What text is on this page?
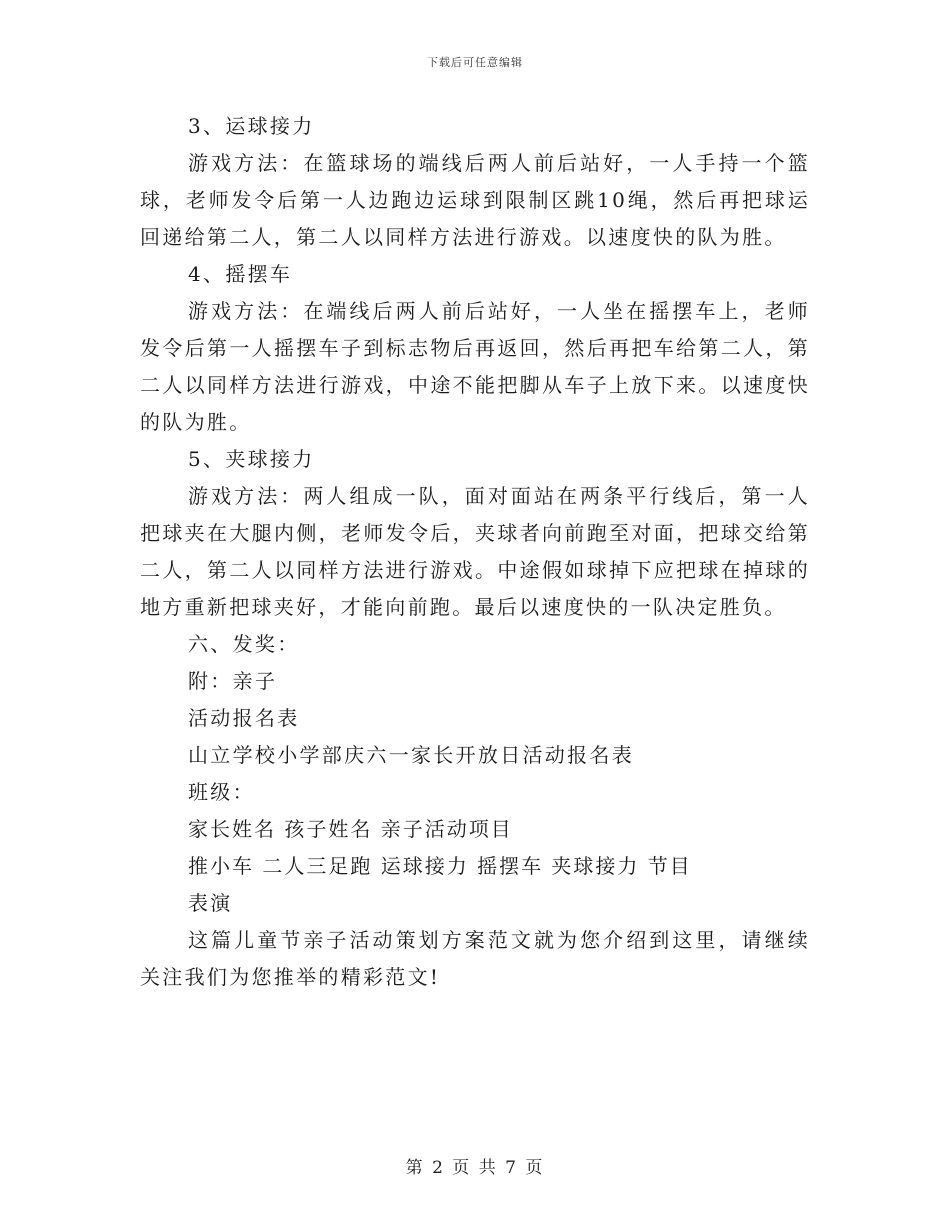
下载后可任意编辑

3、运球接力

游戏方法：在篮球场的端线后两人前后站好，一人手持一个篮球，老师发令后第一人边跑边运球到限制区跳10绳，然后再把球运回递给第二人，第二人以同样方法进行游戏。以速度快的队为胜。

4、摇摆车

游戏方法：在端线后两人前后站好，一人坐在摇摆车上，老师发令后第一人摇摆车子到标志物后再返回，然后再把车给第二人，第二人以同样方法进行游戏，中途不能把脚从车子上放下来。以速度快的队为胜。

5、夹球接力

游戏方法：两人组成一队，面对面站在两条平行线后，第一人把球夹在大腿内侧，老师发令后，夹球者向前跑至对面，把球交给第二人，第二人以同样方法进行游戏。中途假如球掉下应把球在掉球的地方重新把球夹好，才能向前跑。最后以速度快的一队决定胜负。

六、发奖：

附：亲子

活动报名表

山立学校小学部庆六一家长开放日活动报名表

班级：

家长姓名 孩子姓名 亲子活动项目

推小车 二人三足跑 运球接力 摇摆车 夹球接力 节目

表演

这篇儿童节亲子活动策划方案范文就为您介绍到这里，请继续关注我们为您推举的精彩范文!

第 2 页 共 7 页
